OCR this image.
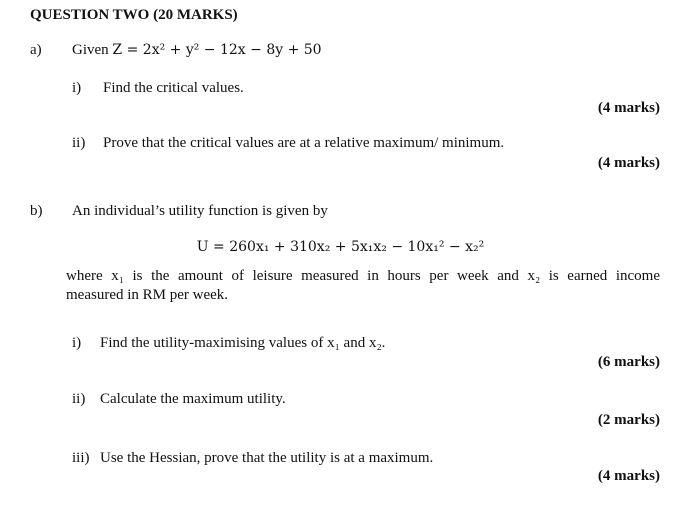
QUESTION TWO (20 MARKS)
a) Given Z = 2x² + y² − 12x − 8y + 50
i) Find the critical values.
(4 marks)
ii) Prove that the critical values are at a relative maximum/ minimum.
(4 marks)
b) An individual’s utility function is given by
U = 260x₁ + 310x₂ + 5x₁x₂ − 10x₁² − x₂²
where x₁ is the amount of leisure measured in hours per week and x₂ is earned income
measured in RM per week.
i) Find the utility-maximising values of x₁ and x₂.
(6 marks)
ii) Calculate the maximum utility.
(2 marks)
iii) Use the Hessian, prove that the utility is at a maximum.
(4 marks)
